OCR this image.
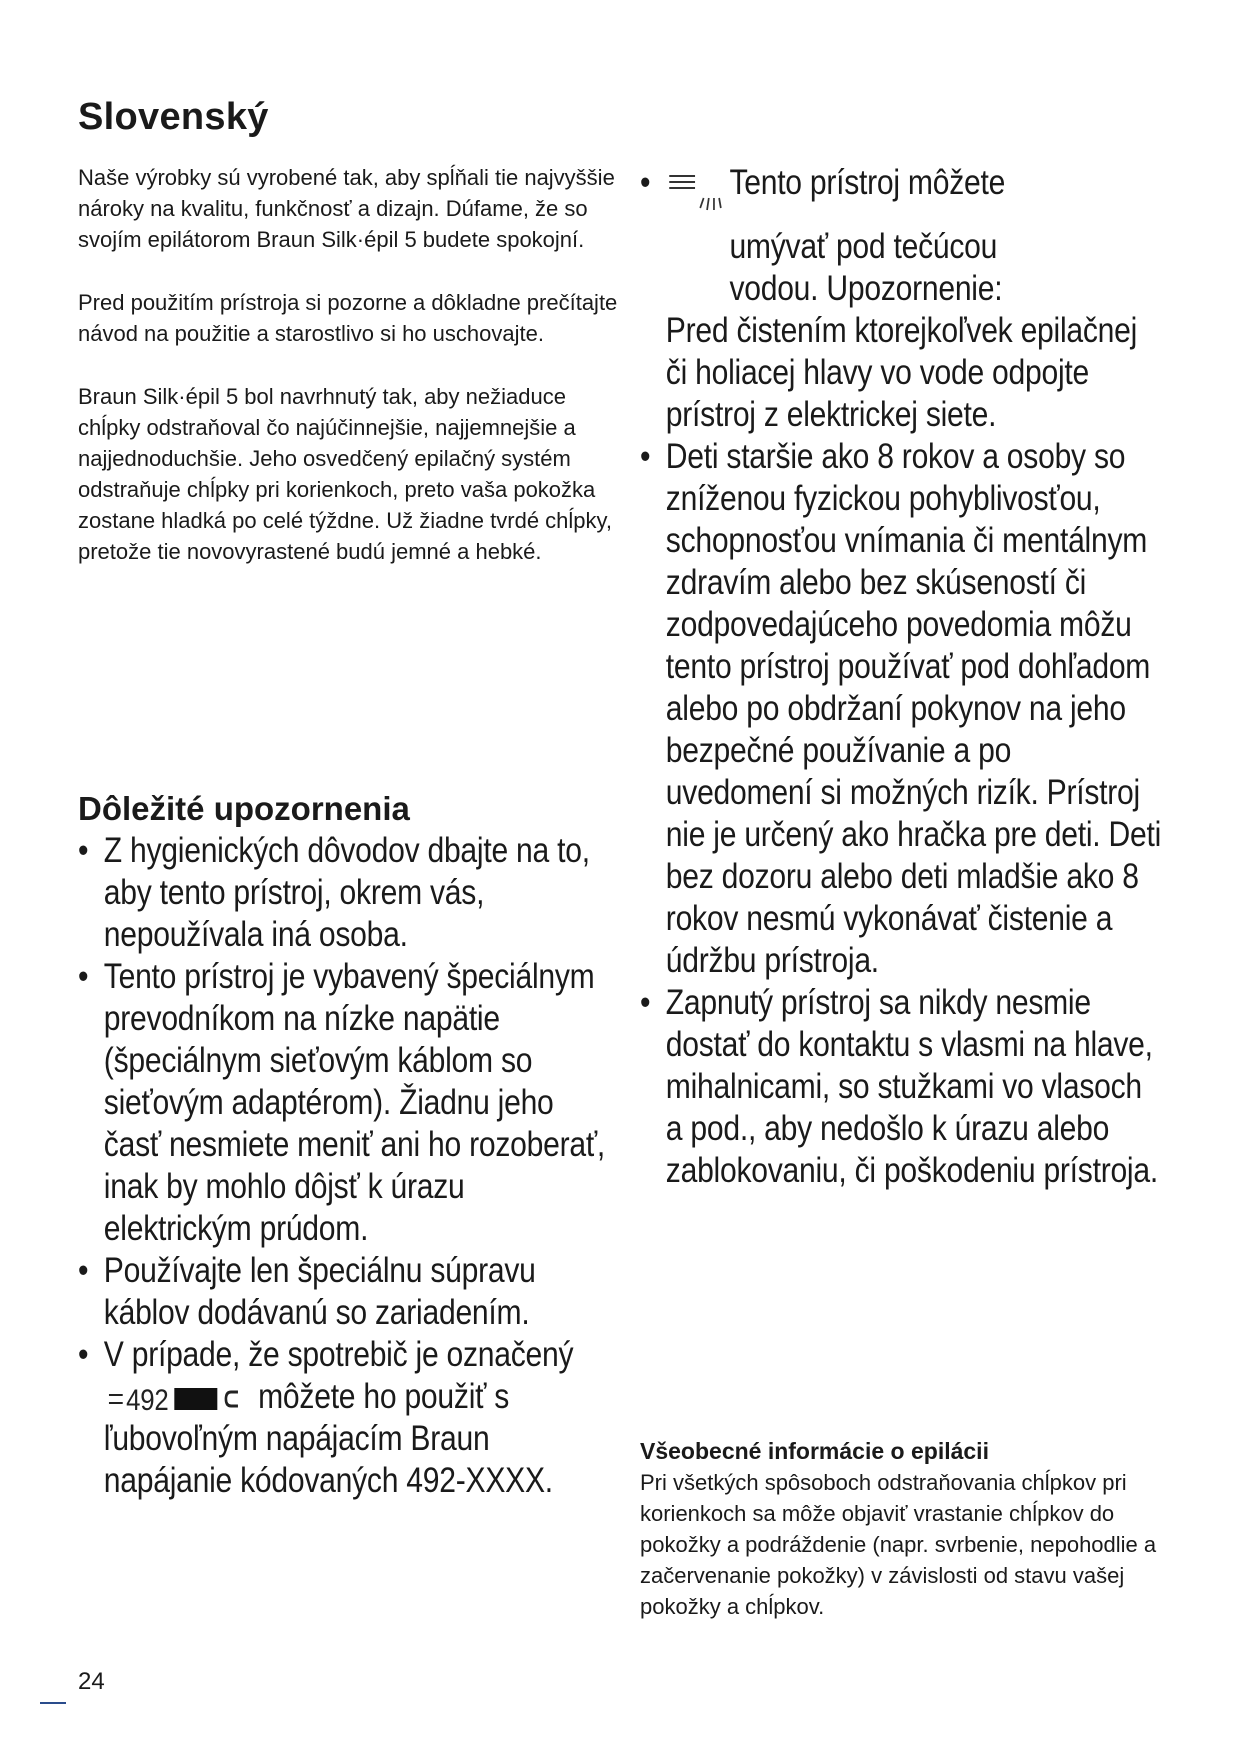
Slovenský

Naše výrobky sú vyrobené tak, aby spĺňali tie najvyššie nároky na kvalitu, funkčnosť a dizajn. Dúfame, že so svojím epilátorom Braun Silk·épil 5 budete spokojní.

Pred použitím prístroja si pozorne a dôkladne prečítajte návod na použitie a starostlivo si ho uschovajte.

Braun Silk·épil 5 bol navrhnutý tak, aby nežiaduce chĺpky odstraňoval čo najúčinnejšie, najjemnejšie a najjednoduchšie. Jeho osvedčený epilačný systém odstraňuje chĺpky pri korienkoch, preto vaša pokožka zostane hladká po celé týždne. Už žiadne tvrdé chĺpky, pretože tie novovyrastené budú jemné a hebké.

Dôležité upozornenia
• Z hygienických dôvodov dbajte na to, aby tento prístroj, okrem vás, nepoužívala iná osoba.
• Tento prístroj je vybavený špeciálnym prevodníkom na nízke napätie (špeciálnym sieťovým káblom so sieťovým adaptérom). Žiadnu jeho časť nesmiete meniť ani ho rozoberať, inak by mohlo dôjsť k úrazu elektrickým prúdom.
• Používajte len špeciálnu súpravu káblov dodávanú so zariadením.
• V prípade, že spotrebič je označený
492	môžete ho použiť s ľubovoľným napájacím Braun napájanie kódovaných 492-XXXX.
• Tento prístroj môžete
umývať pod tečúcou
vodou. Upozornenie:
Pred čistením ktorejkoľvek epilačnej či holiacej hlavy vo vode odpojte prístroj z elektrickej siete.
• Deti staršie ako 8 rokov a osoby so zníženou fyzickou pohyblivosťou, schopnosťou vnímania či mentálnym zdravím alebo bez skúseností či zodpovedajúceho povedomia môžu tento prístroj používať pod dohľadom alebo po obdržaní pokynov na jeho bezpečné používanie a po uvedomení si možných rizík. Prístroj nie je určený ako hračka pre deti. Deti bez dozoru alebo deti mladšie ako 8 rokov nesmú vykonávať čistenie a údržbu prístroja.
• Zapnutý prístroj sa nikdy nesmie dostať do kontaktu s vlasmi na hlave, mihalnicami, so stužkami vo vlasoch a pod., aby nedošlo k úrazu alebo zablokovaniu, či poškodeniu prístroja.

Všeobecné informácie o epilácii

Pri všetkých spôsoboch odstraňovania chĺpkov pri korienkoch sa môže objaviť vrastanie chĺpkov do pokožky a podráždenie (napr. svrbenie, nepohodlie a začervenanie pokožky) v závislosti od stavu vašej pokožky a chĺpkov.

24
